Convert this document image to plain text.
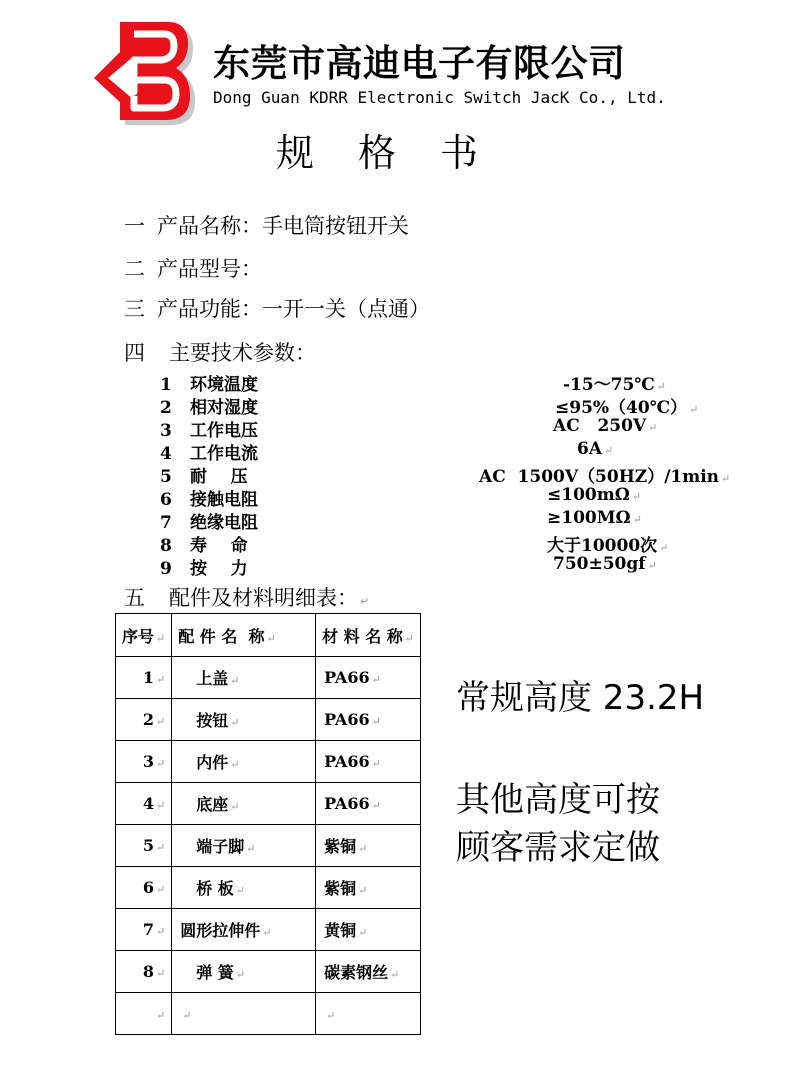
东莞市高迪电子有限公司
Dong Guan KDRR Electronic Switch JacK Co., Ltd.
规 格 书
一 产品名称：手电筒按钮开关
二 产品型号：
三 产品功能：一开一关（点通）
四 主要技术参数：
1 环境温度	-15～75℃ ↵
2 相对湿度	≤95%（40℃） ↵
3 工作电压	AC   250V ↵
4 工作电流	6A ↵
5 耐    压	AC  1500V（50HZ）/1min ↵
6 接触电阻	≤100mΩ ↵
7 绝缘电阻	≥100MΩ ↵
8 寿    命	大于10000次 ↵
9 按    力	750±50gf ↵
五 配件及材料明细表： ↵
序号 ↵	配 件 名  称 ↵	材 料 名 称 ↵
1 ↵	上盖 ↵	PA66 ↵
2 ↵	按钮 ↵	PA66 ↵
3 ↵	内件 ↵	PA66 ↵
4 ↵	底座 ↵	PA66 ↵
5 ↵	端子脚 ↵	紫铜 ↵
6 ↵	桥 板 ↵	紫铜 ↵
7 ↵	圆形拉伸件 ↵	黄铜 ↵
8 ↵	弹 簧 ↵	碳素钢丝 ↵
↵	↵	↵
常规高度 23.2H
其他高度可按
顾客需求定做
